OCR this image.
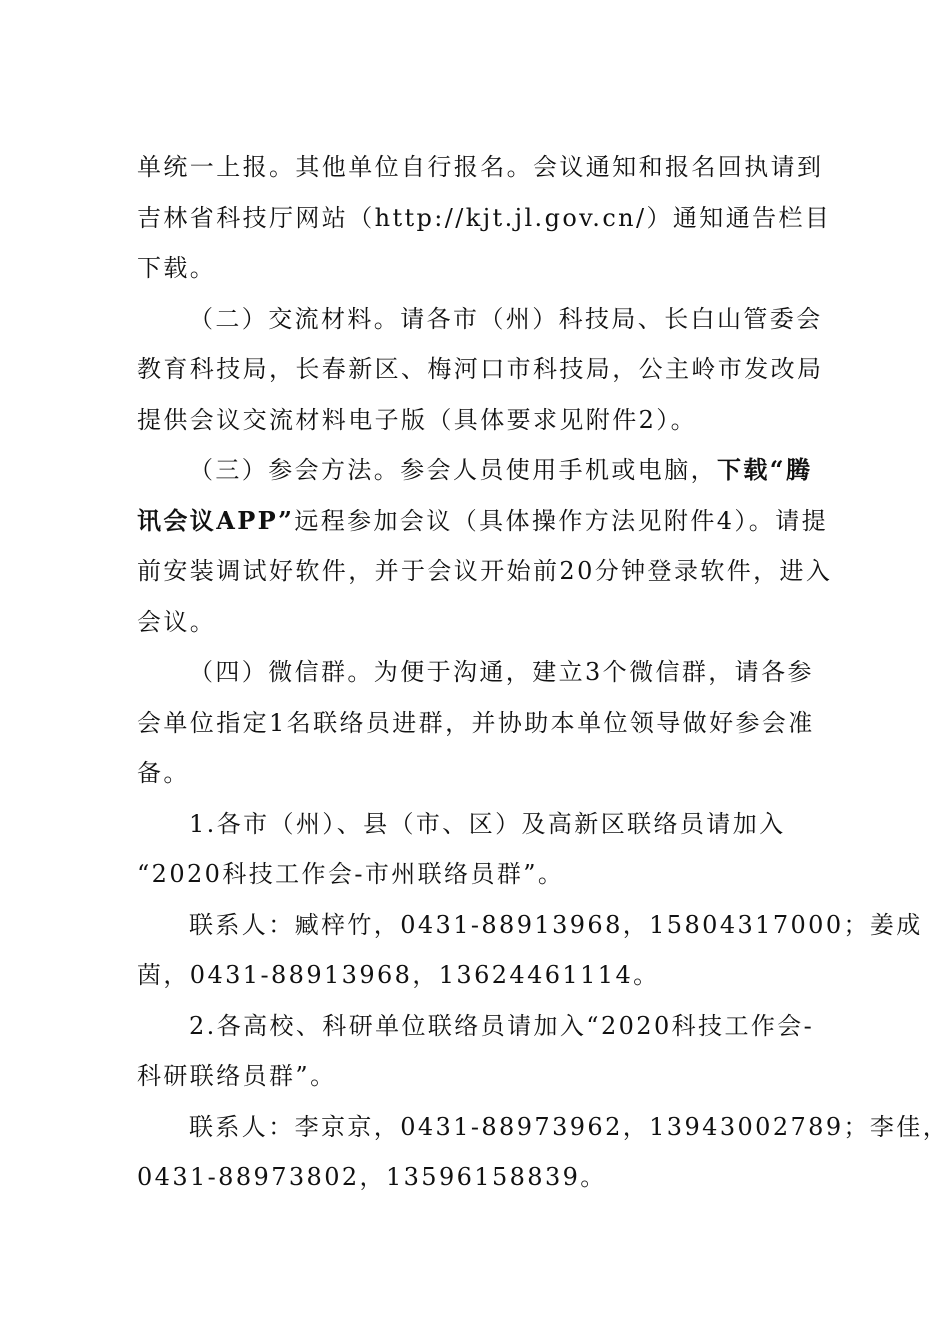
单统一上报。其他单位自行报名。会议通知和报名回执请到
吉林省科技厅网站（http://kjt.jl.gov.cn/）通知通告栏目
下载。
（二）交流材料。请各市（州）科技局、长白山管委会
教育科技局，长春新区、梅河口市科技局，公主岭市发改局
提供会议交流材料电子版（具体要求见附件2）。
（三）参会方法。参会人员使用手机或电脑，下载“腾
讯会议APP”远程参加会议（具体操作方法见附件4）。请提
前安装调试好软件，并于会议开始前20分钟登录软件，进入
会议。
（四）微信群。为便于沟通，建立3个微信群，请各参
会单位指定1名联络员进群，并协助本单位领导做好参会准
备。
1.各市（州）、县（市、区）及高新区联络员请加入
“2020科技工作会-市州联络员群”。
联系人：臧梓竹，0431-88913968，15804317000；姜成
茵，0431-88913968，13624461114。
2.各高校、科研单位联络员请加入“2020科技工作会-
科研联络员群”。
联系人：李京京，0431-88973962，13943002789；李佳，
0431-88973802，13596158839。
